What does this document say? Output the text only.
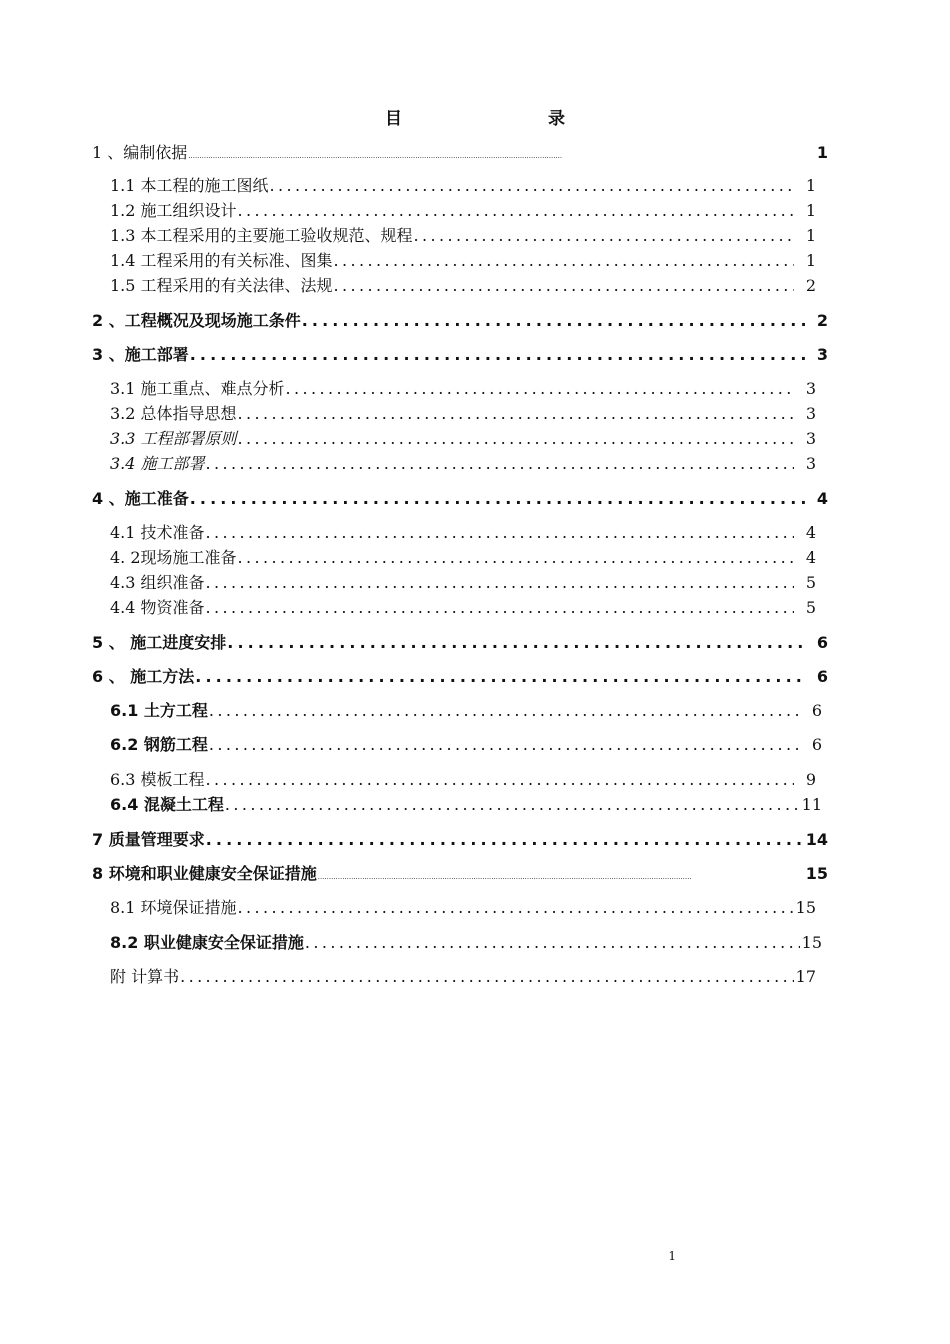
目 录
1 、编制依据 .....	1
1.1 本工程的施工图纸 .....	1
1.2 施工组织设计 .....	1
1.3 本工程采用的主要施工验收规范、规程 .....	1
1.4 工程采用的有关标准、图集 .....	1
1.5 工程采用的有关法律、法规 .....	2
2 、工程概况及现场施工条件 .....	2
3 、施工部署 .....	3
3.1 施工重点、难点分析 .....	3
3.2 总体指导思想 .....	3
3.3 工程部署原则 .....	3
3.4 施工部署 .....	3
4 、施工准备 .....	4
4.1 技术准备 .....	4
4. 2现场施工准备 .....	4
4.3 组织准备 .....	5
4.4 物资准备 .....	5
5 、 施工进度安排 .....	6
6 、 施工方法 .....	6
6.1 土方工程 .....	6
6.2 钢筋工程 .....	6
6.3 模板工程 .....	9
6.4 混凝土工程 .....	11
7 质量管理要求 .....	14
8 环境和职业健康安全保证措施 .....	15
8.1 环境保证措施 .....	15
8.2 职业健康安全保证措施 .....	15
附 计算书 .....	17
1
